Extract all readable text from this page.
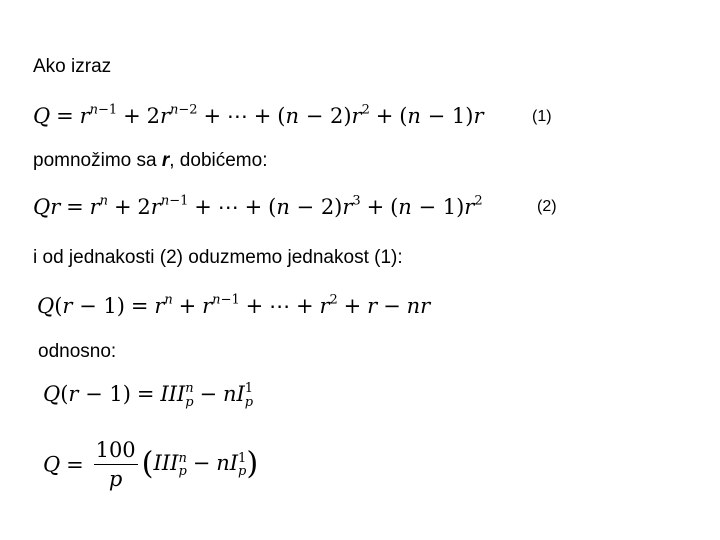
Ako izraz
$Q = r^{n-1} + 2r^{n-2}$ + ⋯ + $(n - 2)r^2 + (n - 1)r$	(1)
pomnožimo sa r, dobićemo:
$Qr = r^n + 2r^{n-1}$ + ⋯ + $(n - 2)r^3 + (n - 1)r^2$	(2)
i od jednakosti (2) oduzmemo jednakost (1):
$Q(r - 1) = r^n + r^{n-1}$ + ⋯ + $r^2 + r$ − nr
odnosno:
Q(r − 1) = III n
p − nI 1
p
$Q = \frac{100}{p} (III$ n
p − nI 1
p )
